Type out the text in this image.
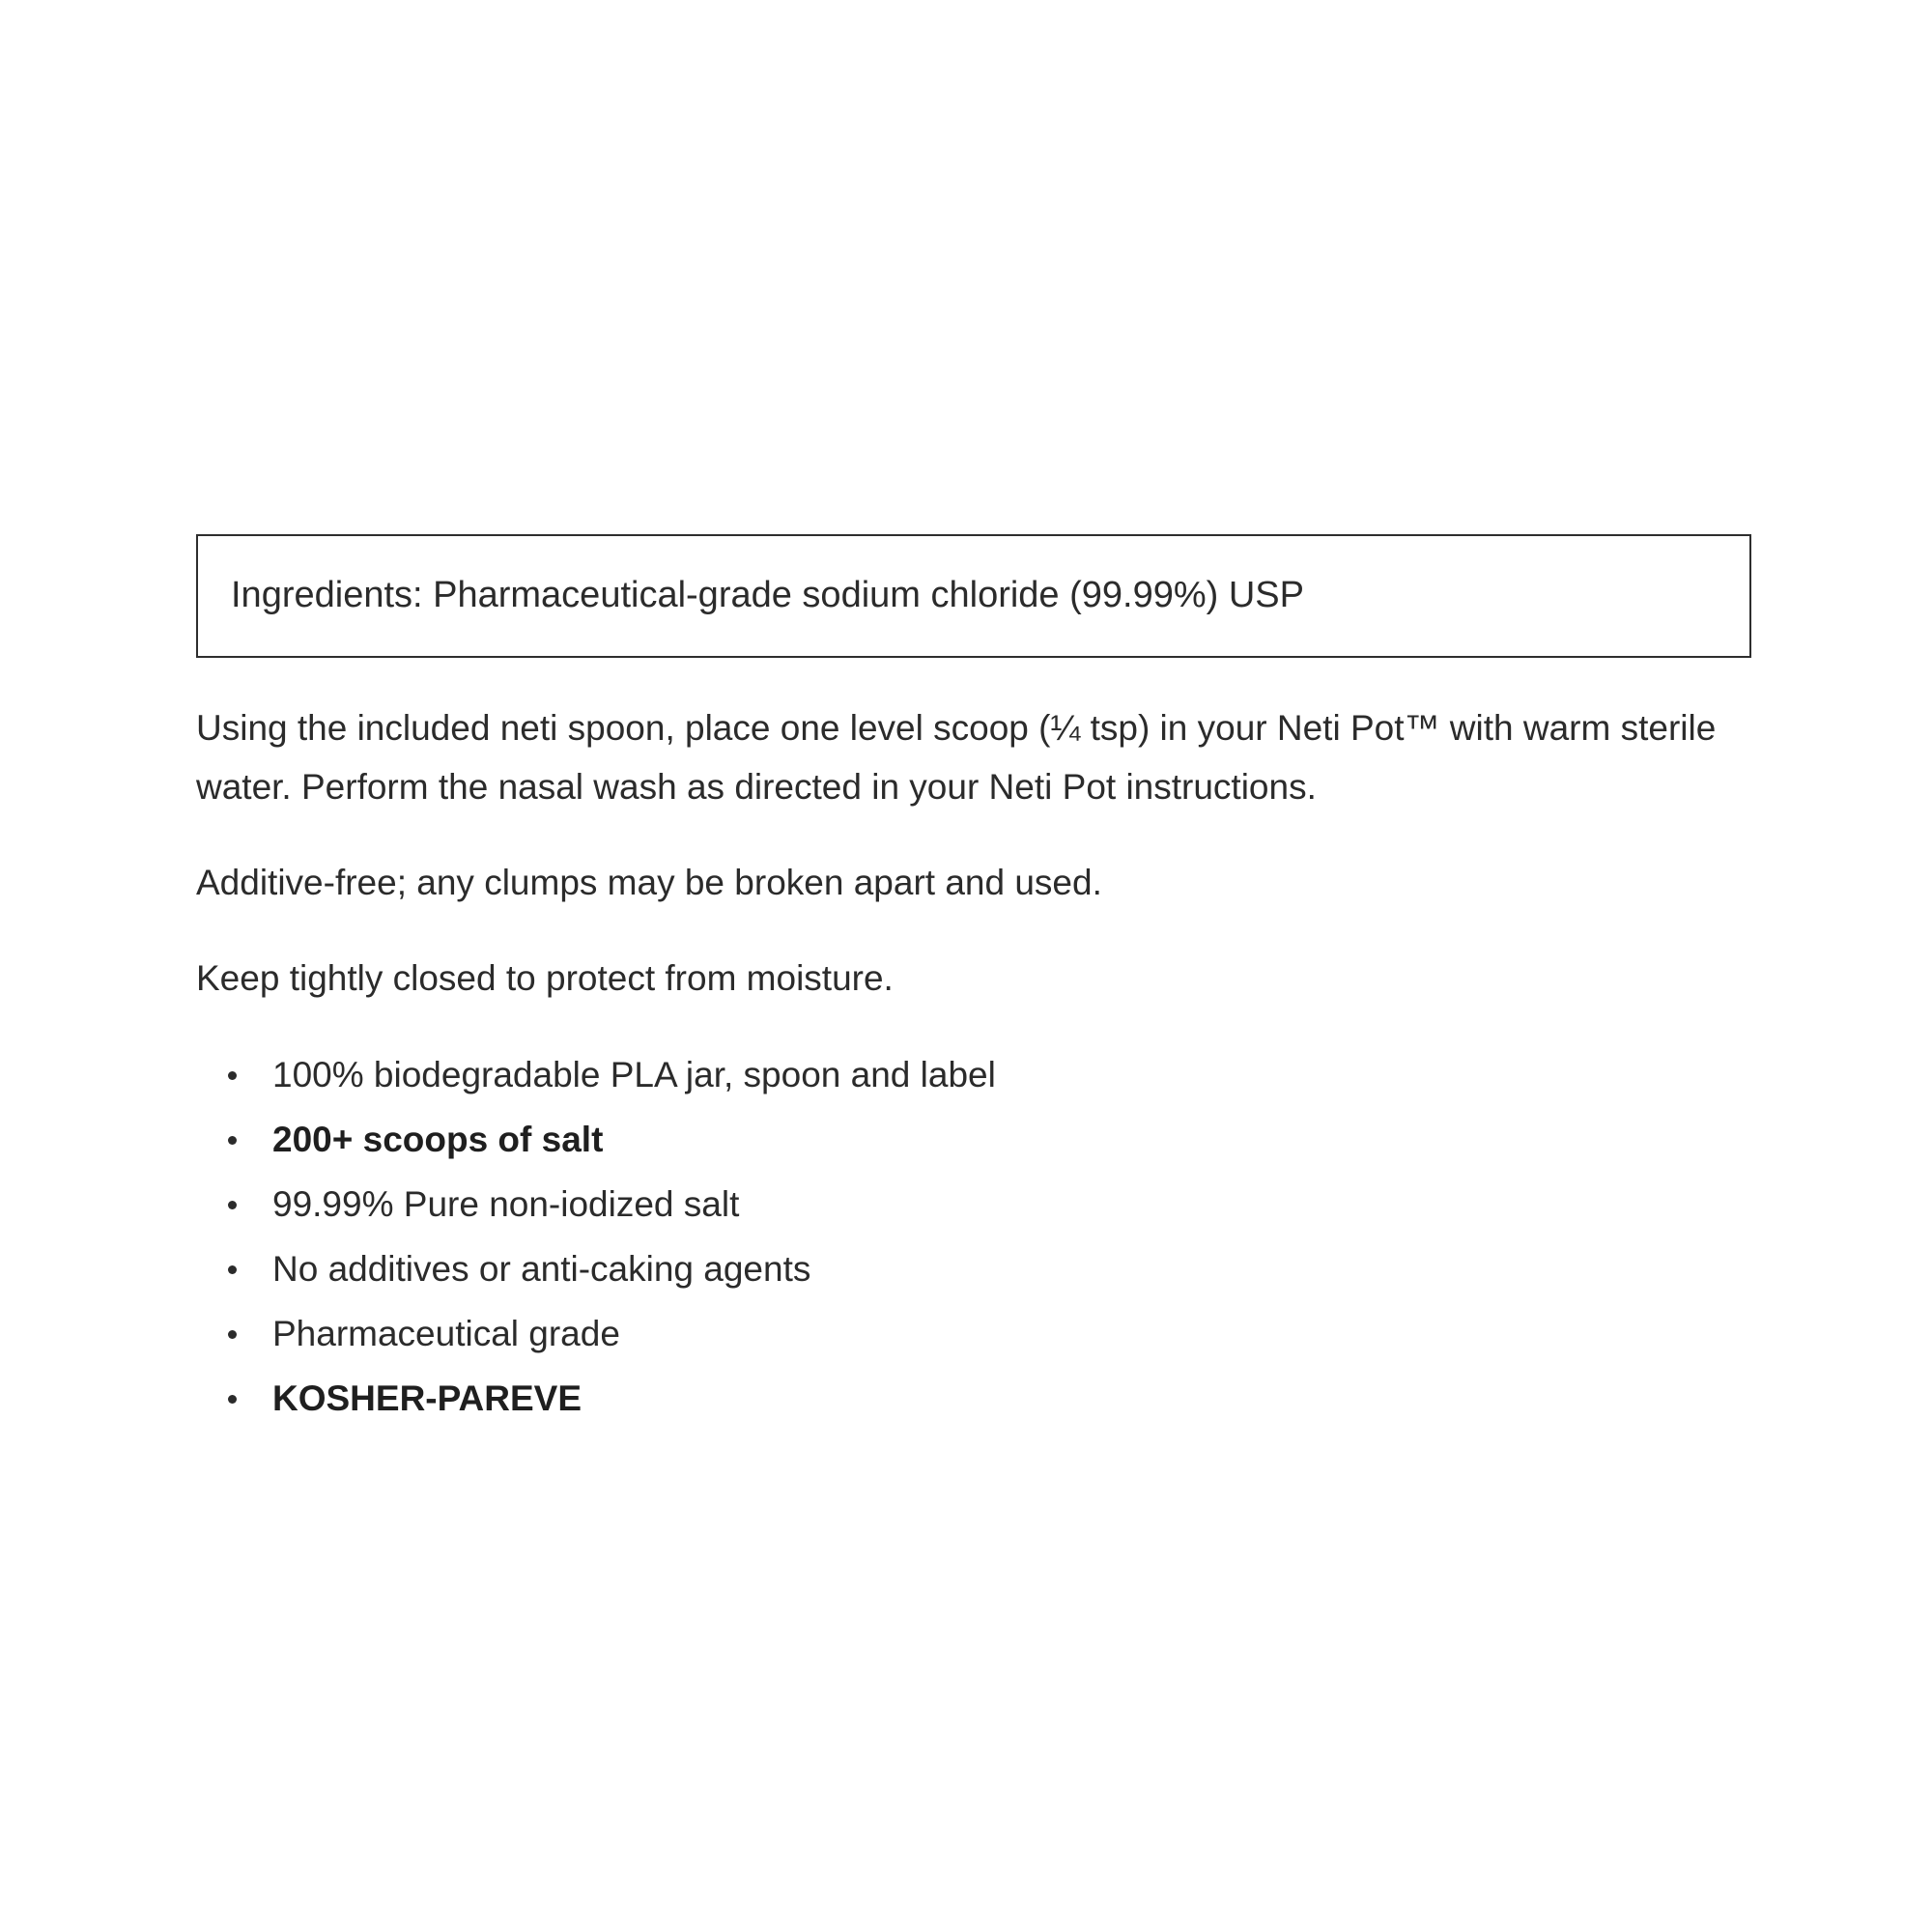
Ingredients: Pharmaceutical-grade sodium chloride (99.99%) USP

Using the included neti spoon, place one level scoop (¼ tsp) in your Neti Pot™ with warm sterile water. Perform the nasal wash as directed in your Neti Pot instructions.

Additive-free; any clumps may be broken apart and used.

Keep tightly closed to protect from moisture.

100% biodegradable PLA jar, spoon and label
200+ scoops of salt
99.99% Pure non-iodized salt
No additives or anti-caking agents
Pharmaceutical grade
KOSHER-PAREVE
